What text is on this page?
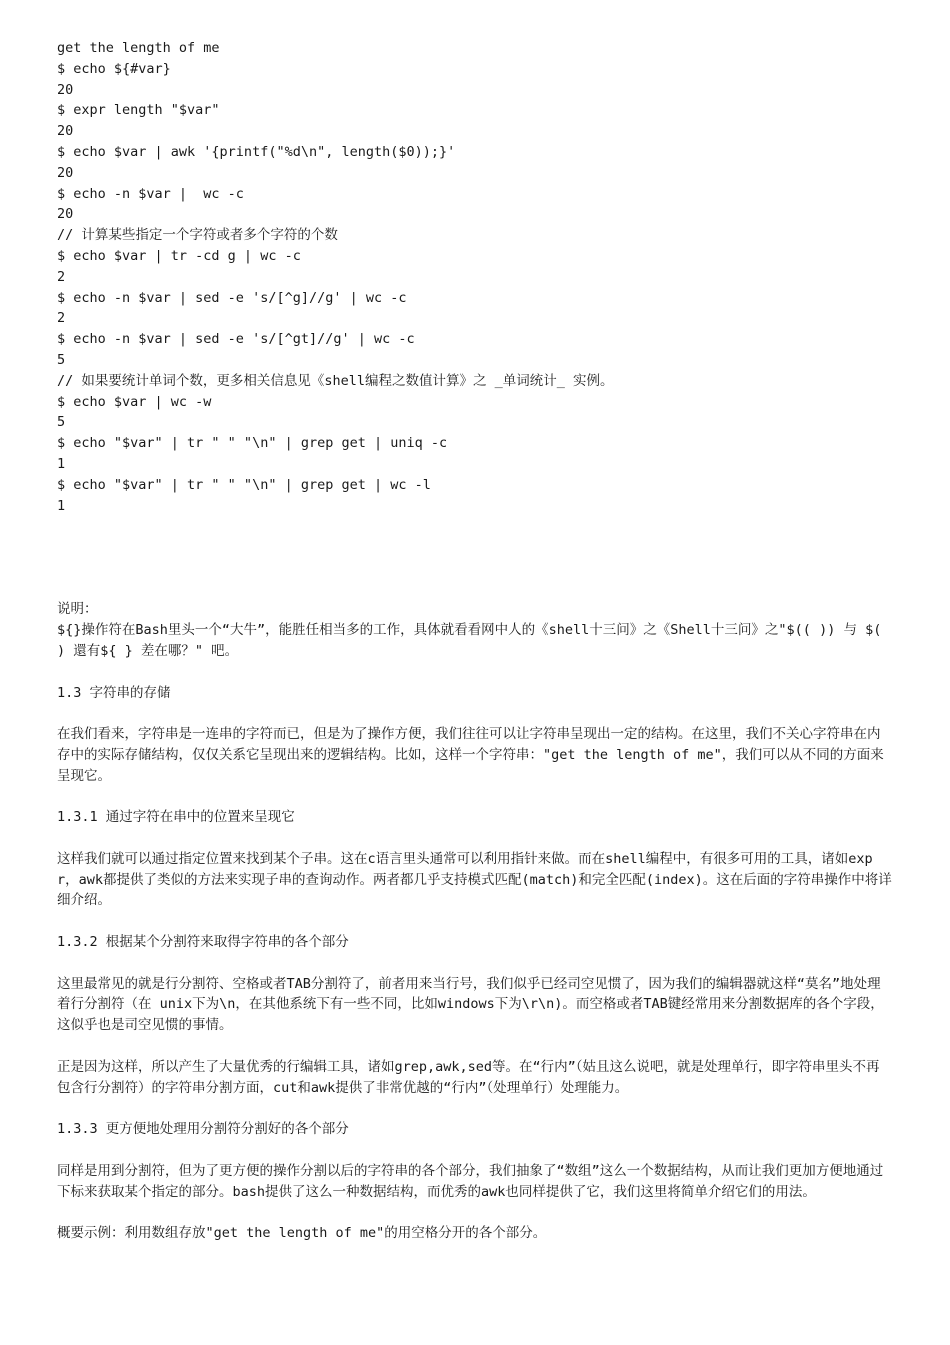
get the length of me
$ echo ${#var}
20
$ expr length "$var"
20
$ echo $var | awk '{printf("%d\n", length($0));}'
20
$ echo -n $var |  wc -c
20
// 计算某些指定一个字符或者多个字符的个数
$ echo $var | tr -cd g | wc -c
2
$ echo -n $var | sed -e 's/[^g]//g' | wc -c
2
$ echo -n $var | sed -e 's/[^gt]//g' | wc -c
5
// 如果要统计单词个数，更多相关信息见《shell编程之数值计算》之 _单词统计_ 实例。
$ echo $var | wc -w
5
$ echo "$var" | tr " " "\n" | grep get | uniq -c
1
$ echo "$var" | tr " " "\n" | grep get | wc -l
1
说明：
${}操作符在Bash里头一个“大牛”，能胜任相当多的工作，具体就看看网中人的《shell十三问》之《Shell十三问》之"$(( )) 与 $( ) 還有${ } 差在哪？" 吧。
1.3 字符串的存储
在我们看来，字符串是一连串的字符而已，但是为了操作方便，我们往往可以让字符串呈现出一定的结构。在这里，我们不关心字符串在内存中的实际存储结构，仅仅关系它呈现出来的逻辑结构。比如，这样一个字符串："get the length of me"，我们可以从不同的方面来呈现它。
1.3.1 通过字符在串中的位置来呈现它
这样我们就可以通过指定位置来找到某个子串。这在c语言里头通常可以利用指针来做。而在shell编程中，有很多可用的工具，诸如expr，awk都提供了类似的方法来实现子串的查询动作。两者都几乎支持模式匹配(match)和完全匹配(index)。这在后面的字符串操作中将详细介绍。
1.3.2 根据某个分割符来取得字符串的各个部分
这里最常见的就是行分割符、空格或者TAB分割符了，前者用来当行号，我们似乎已经司空见惯了，因为我们的编辑器就这样“莫名”地处理着行分割符（在 unix下为\n，在其他系统下有一些不同，比如windows下为\r\n)。而空格或者TAB键经常用来分割数据库的各个字段，这似乎也是司空见惯的事情。
正是因为这样，所以产生了大量优秀的行编辑工具，诸如grep,awk,sed等。在“行内”（姑且这么说吧，就是处理单行，即字符串里头不再包含行分割符）的字符串分割方面，cut和awk提供了非常优越的“行内”（处理单行）处理能力。
1.3.3 更方便地处理用分割符分割好的各个部分
同样是用到分割符，但为了更方便的操作分割以后的字符串的各个部分，我们抽象了“数组”这么一个数据结构，从而让我们更加方便地通过下标来获取某个指定的部分。bash提供了这么一种数据结构，而优秀的awk也同样提供了它，我们这里将简单介绍它们的用法。
概要示例：利用数组存放"get the length of me"的用空格分开的各个部分。
